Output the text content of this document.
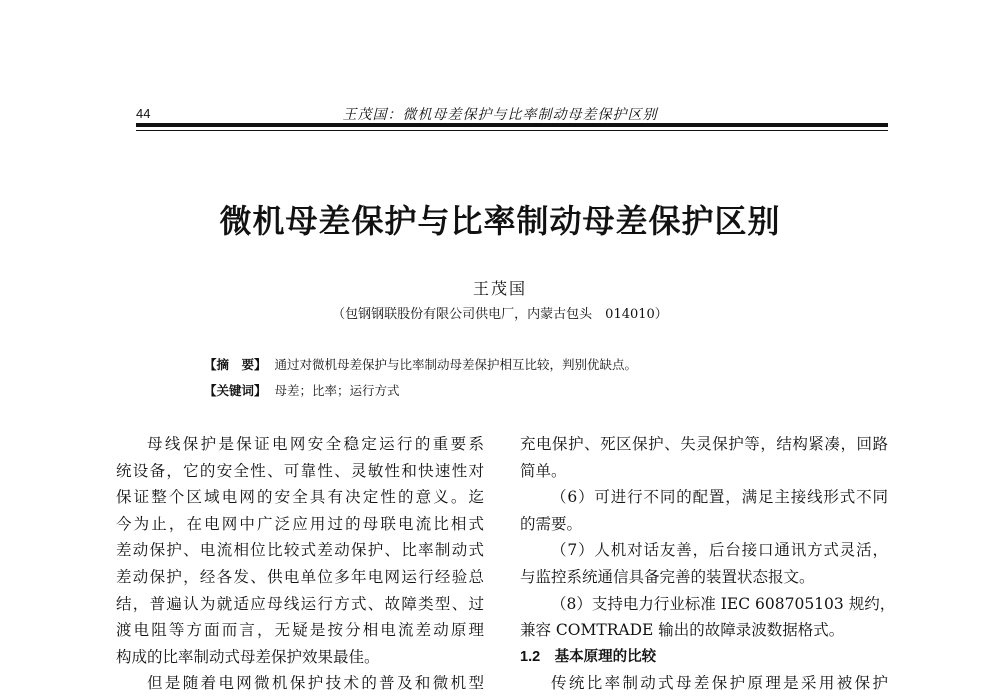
44	王茂国：微机母差保护与比率制动母差保护区别
微机母差保护与比率制动母差保护区别
王茂国
（包钢钢联股份有限公司供电厂，内蒙古包头　014010）
【摘　要】 通过对微机母差保护与比率制动母差保护相互比较，判别优缺点。
【关键词】 母差；比率；运行方式

母线保护是保证电网安全稳定运行的重要系

统设备，它的安全性、可靠性、灵敏性和快速性对

保证整个区域电网的安全具有决定性的意义。迄

今为止，在电网中广泛应用过的母联电流比相式

差动保护、电流相位比较式差动保护、比率制动式

差动保护，经各发、供电单位多年电网运行经验总

结，普遍认为就适应母线运行方式、故障类型、过

渡电阻等方面而言，无疑是按分相电流差动原理

构成的比率制动式母差保护效果最佳。

但是随着电网微机保护技术的普及和微机型

充电保护、死区保护、失灵保护等，结构紧凑，回路

简单。

（6）可进行不同的配置，满足主接线形式不同

的需要。

（7）人机对话友善，后台接口通讯方式灵活，

与监控系统通信具备完善的装置状态报文。

（8）支持电力行业标准 IEC 608705103 规约，

兼容 COMTRADE 输出的故障录波数据格式。

1.2　基本原理的比较

传统比率制动式母差保护原理是采用被保护
